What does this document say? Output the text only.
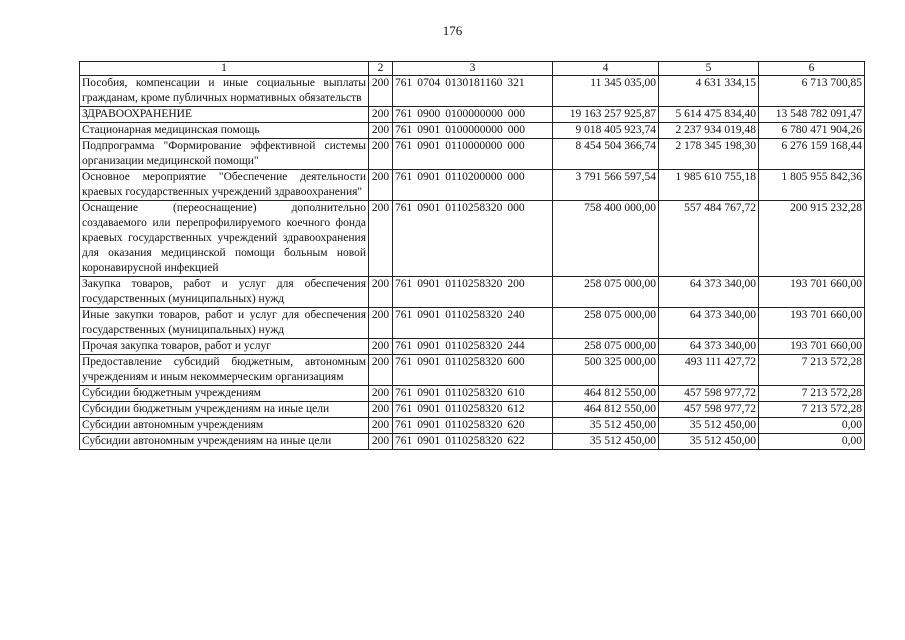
176
1	2	3	4	5	6
Пособия, компенсации и иные социальные выплаты гражданам, кроме публичных нормативных обязательств	200	761 0704 0130181160 321	11 345 035,00	4 631 334,15	6 713 700,85
ЗДРАВООХРАНЕНИЕ	200	761 0900 0100000000 000	19 163 257 925,87	5 614 475 834,40	13 548 782 091,47
Стационарная медицинская помощь	200	761 0901 0100000000 000	9 018 405 923,74	2 237 934 019,48	6 780 471 904,26
Подпрограмма "Формирование эффективной системы организации медицинской помощи"	200	761 0901 0110000000 000	8 454 504 366,74	2 178 345 198,30	6 276 159 168,44
Основное мероприятие "Обеспечение деятельности краевых государственных учреждений здравоохранения"	200	761 0901 0110200000 000	3 791 566 597,54	1 985 610 755,18	1 805 955 842,36
Оснащение (переоснащение) дополнительно создаваемого или перепрофилируемого коечного фонда краевых государственных учреждений здравоохранения для оказания медицинской помощи больным новой коронавирусной инфекцией	200	761 0901 0110258320 000	758 400 000,00	557 484 767,72	200 915 232,28
Закупка товаров, работ и услуг для обеспечения государственных (муниципальных) нужд	200	761 0901 0110258320 200	258 075 000,00	64 373 340,00	193 701 660,00
Иные закупки товаров, работ и услуг для обеспечения государственных (муниципальных) нужд	200	761 0901 0110258320 240	258 075 000,00	64 373 340,00	193 701 660,00
Прочая закупка товаров, работ и услуг	200	761 0901 0110258320 244	258 075 000,00	64 373 340,00	193 701 660,00
Предоставление субсидий бюджетным, автономным учреждениям и иным некоммерческим организациям	200	761 0901 0110258320 600	500 325 000,00	493 111 427,72	7 213 572,28
Субсидии бюджетным учреждениям	200	761 0901 0110258320 610	464 812 550,00	457 598 977,72	7 213 572,28
Субсидии бюджетным учреждениям на иные цели	200	761 0901 0110258320 612	464 812 550,00	457 598 977,72	7 213 572,28
Субсидии автономным учреждениям	200	761 0901 0110258320 620	35 512 450,00	35 512 450,00	0,00
Субсидии автономным учреждениям на иные цели	200	761 0901 0110258320 622	35 512 450,00	35 512 450,00	0,00
